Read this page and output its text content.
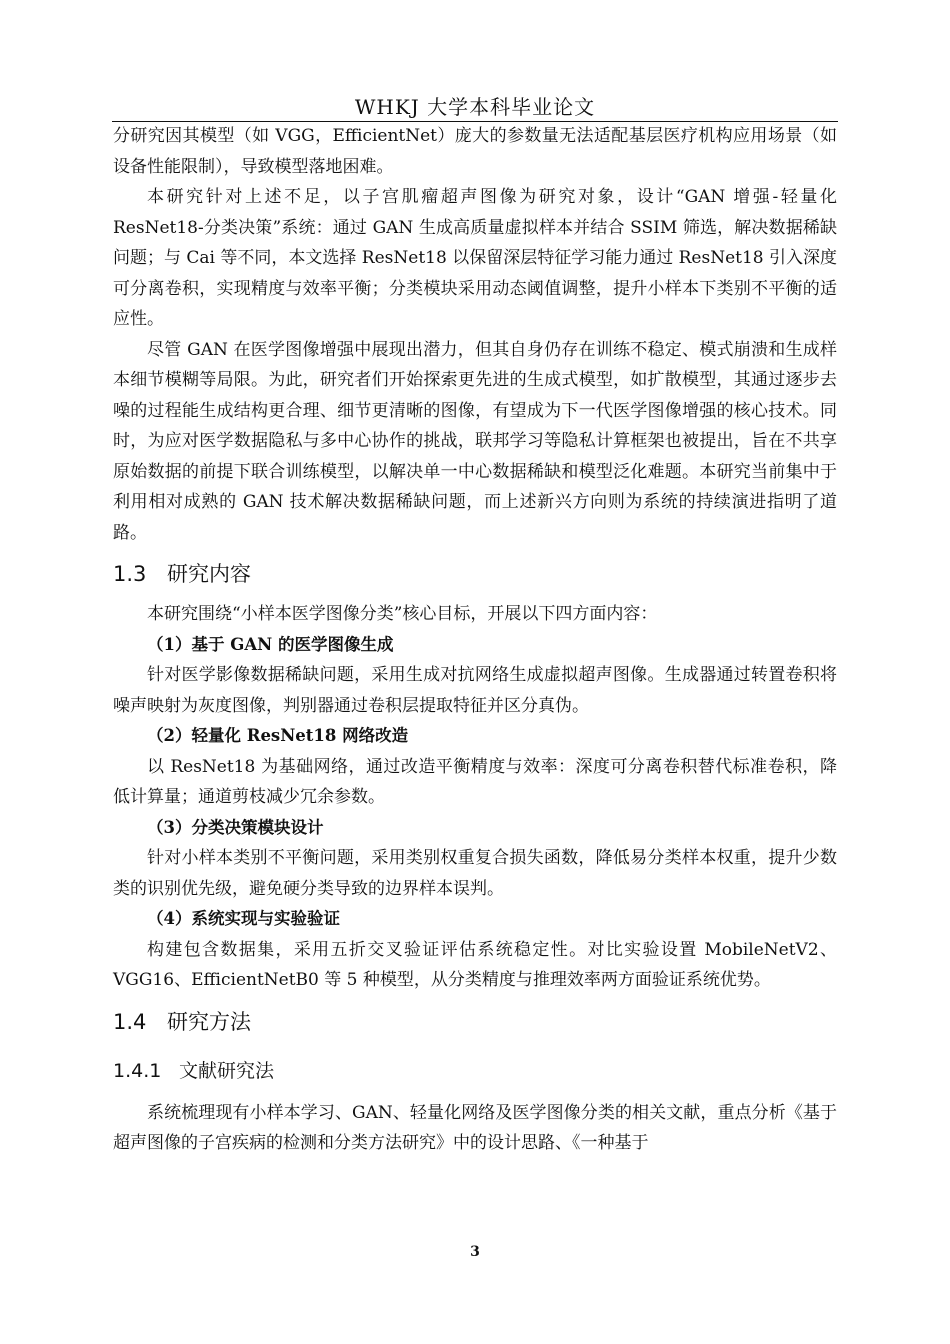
WHKJ 大学本科毕业论文

分研究因其模型（如 VGG，EfficientNet）庞大的参数量无法适配基层医疗机构应用场景（如设备性能限制），导致模型落地困难。

本研究针对上述不足，以子宫肌瘤超声图像为研究对象，设计“GAN 增强-轻量化 ResNet18-分类决策”系统：通过 GAN 生成高质量虚拟样本并结合 SSIM 筛选，解决数据稀缺问题；与 Cai 等不同，本文选择 ResNet18 以保留深层特征学习能力通过 ResNet18 引入深度可分离卷积，实现精度与效率平衡；分类模块采用动态阈值调整，提升小样本下类别不平衡的适应性。

尽管 GAN 在医学图像增强中展现出潜力，但其自身仍存在训练不稳定、模式崩溃和生成样本细节模糊等局限。为此，研究者们开始探索更先进的生成式模型，如扩散模型，其通过逐步去噪的过程能生成结构更合理、细节更清晰的图像，有望成为下一代医学图像增强的核心技术。同时，为应对医学数据隐私与多中心协作的挑战，联邦学习等隐私计算框架也被提出，旨在不共享原始数据的前提下联合训练模型，以解决单一中心数据稀缺和模型泛化难题。本研究当前集中于利用相对成熟的 GAN 技术解决数据稀缺问题，而上述新兴方向则为系统的持续演进指明了道路。

1.3 研究内容

本研究围绕“小样本医学图像分类”核心目标，开展以下四方面内容：

（1）基于 GAN 的医学图像生成

针对医学影像数据稀缺问题，采用生成对抗网络生成虚拟超声图像。生成器通过转置卷积将噪声映射为灰度图像，判别器通过卷积层提取特征并区分真伪。

（2）轻量化 ResNet18 网络改造

以 ResNet18 为基础网络，通过改造平衡精度与效率：深度可分离卷积替代标准卷积，降低计算量；通道剪枝减少冗余参数。

（3）分类决策模块设计

针对小样本类别不平衡问题，采用类别权重复合损失函数，降低易分类样本权重，提升少数类的识别优先级，避免硬分类导致的边界样本误判。

（4）系统实现与实验验证

构建包含数据集，采用五折交叉验证评估系统稳定性。对比实验设置 MobileNetV2、VGG16、EfficientNetB0 等 5 种模型，从分类精度与推理效率两方面验证系统优势。

1.4 研究方法
1.4.1 文献研究法

系统梳理现有小样本学习、GAN、轻量化网络及医学图像分类的相关文献，重点分析《基于超声图像的子宫疾病的检测和分类方法研究》中的设计思路、《一种基于

3
